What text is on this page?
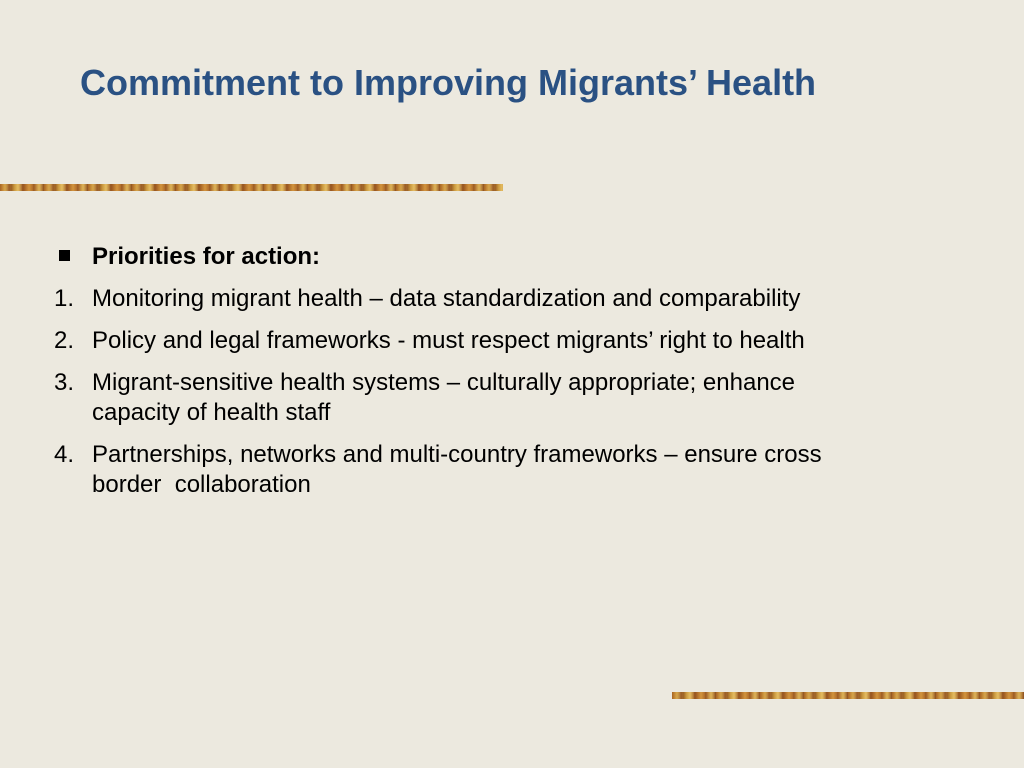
Commitment to Improving Migrants’ Health
Priorities for action:
1. Monitoring migrant health – data standardization and comparability
2. Policy and legal frameworks - must respect migrants’ right to health
3. Migrant-sensitive health systems – culturally appropriate; enhance
capacity of health staff
4. Partnerships, networks and multi-country frameworks – ensure cross
border  collaboration
